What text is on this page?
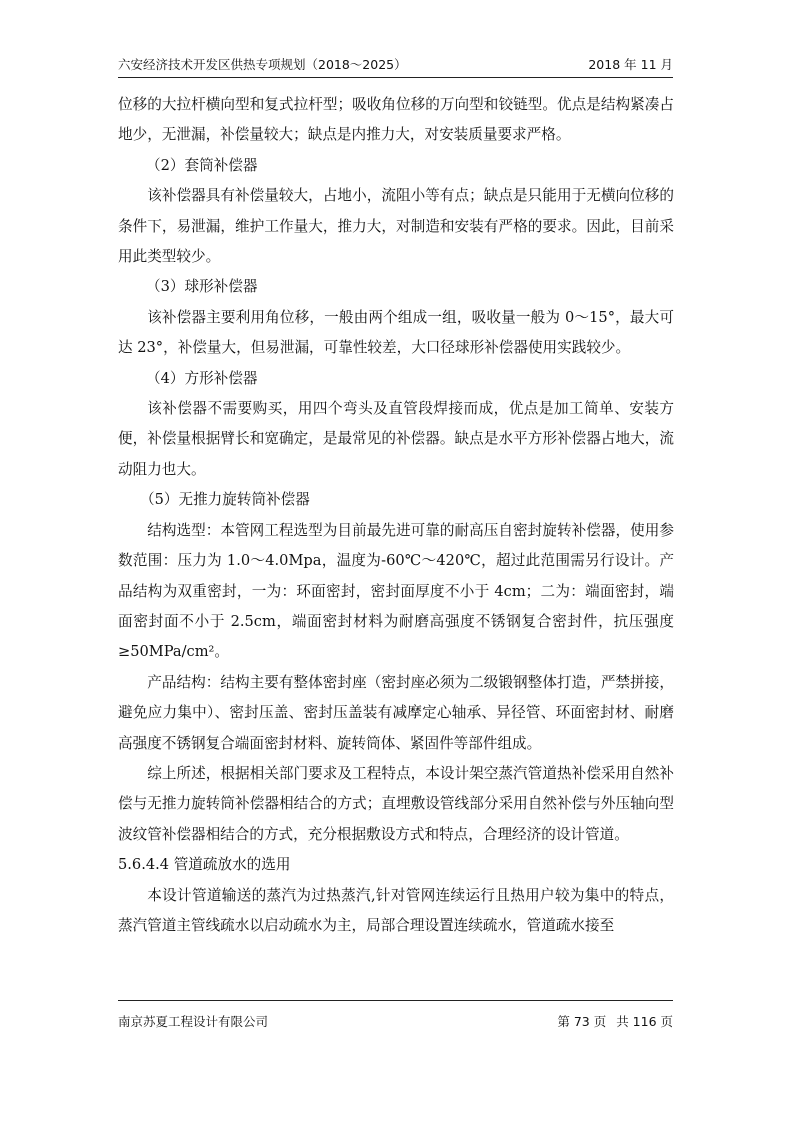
六安经济技术开发区供热专项规划（2018～2025）	2018 年 11 月

位移的大拉杆横向型和复式拉杆型；吸收角位移的万向型和铰链型。优点是结构紧凑占地少，无泄漏，补偿量较大；缺点是内推力大，对安装质量要求严格。

（2）套筒补偿器

该补偿器具有补偿量较大，占地小，流阻小等有点；缺点是只能用于无横向位移的条件下，易泄漏，维护工作量大，推力大，对制造和安装有严格的要求。因此，目前采用此类型较少。

（3）球形补偿器

该补偿器主要利用角位移，一般由两个组成一组，吸收量一般为 0～15°，最大可达 23°，补偿量大，但易泄漏，可靠性较差，大口径球形补偿器使用实践较少。

（4）方形补偿器

该补偿器不需要购买，用四个弯头及直管段焊接而成，优点是加工简单、安装方便，补偿量根据臂长和宽确定，是最常见的补偿器。缺点是水平方形补偿器占地大，流动阻力也大。

（5）无推力旋转筒补偿器

结构选型：本管网工程选型为目前最先进可靠的耐高压自密封旋转补偿器，使用参数范围：压力为 1.0～4.0Mpa，温度为-60℃～420℃，超过此范围需另行设计。产品结构为双重密封，一为：环面密封，密封面厚度不小于 4cm；二为：端面密封，端面密封面不小于 2.5cm，端面密封材料为耐磨高强度不锈钢复合密封件，抗压强度≥50MPa/cm²。

产品结构：结构主要有整体密封座（密封座必须为二级锻钢整体打造，严禁拼接，避免应力集中）、密封压盖、密封压盖装有减摩定心轴承、异径管、环面密封材、耐磨高强度不锈钢复合端面密封材料、旋转筒体、紧固件等部件组成。

综上所述，根据相关部门要求及工程特点，本设计架空蒸汽管道热补偿采用自然补偿与无推力旋转筒补偿器相结合的方式；直埋敷设管线部分采用自然补偿与外压轴向型波纹管补偿器相结合的方式，充分根据敷设方式和特点，合理经济的设计管道。

5.6.4.4 管道疏放水的选用

本设计管道输送的蒸汽为过热蒸汽,针对管网连续运行且热用户较为集中的特点，蒸汽管道主管线疏水以启动疏水为主，局部合理设置连续疏水，管道疏水接至

南京苏夏工程设计有限公司	第 73 页 共 116 页
